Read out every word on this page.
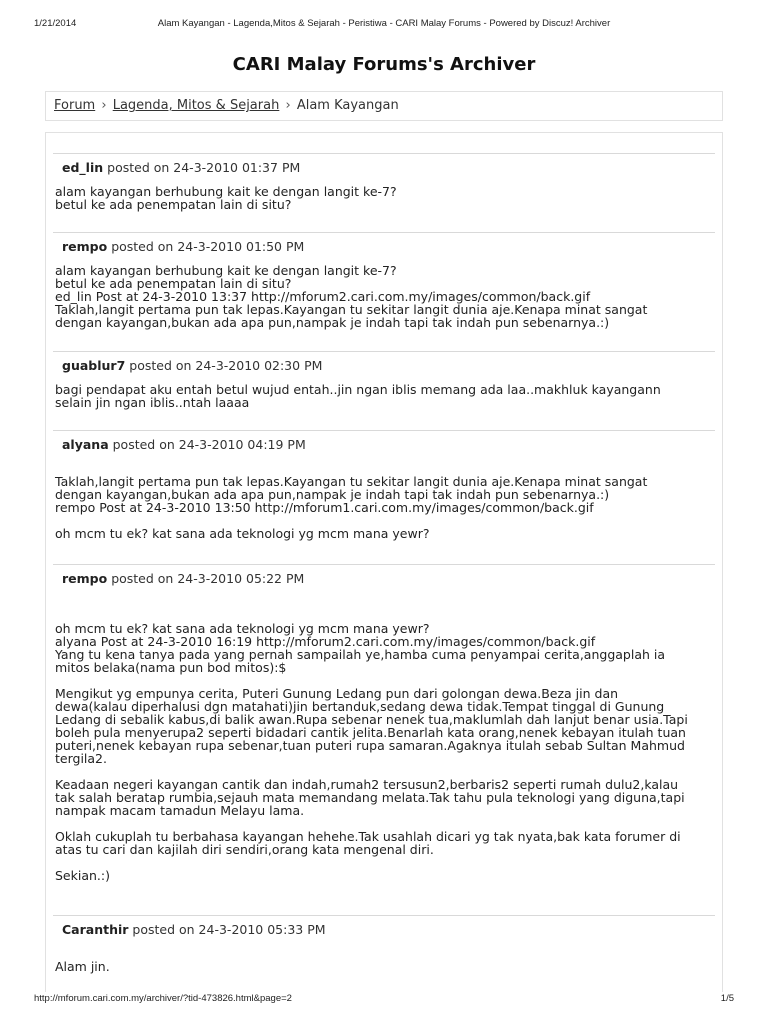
1/21/2014	Alam Kayangan - Lagenda,Mitos & Sejarah - Peristiwa - CARI Malay Forums - Powered by Discuz! Archiver
CARI Malay Forums's Archiver
Forum › Lagenda, Mitos & Sejarah › Alam Kayangan
ed_lin posted on 24-3-2010 01:37 PM
alam kayangan berhubung kait ke dengan langit ke-7?
betul ke ada penempatan lain di situ?
rempo posted on 24-3-2010 01:50 PM
alam kayangan berhubung kait ke dengan langit ke-7?
betul ke ada penempatan lain di situ?
ed_lin Post at 24-3-2010 13:37 http://mforum2.cari.com.my/images/common/back.gif
Taklah,langit pertama pun tak lepas.Kayangan tu sekitar langit dunia aje.Kenapa minat sangat
dengan kayangan,bukan ada apa pun,nampak je indah tapi tak indah pun sebenarnya.:)
guablur7 posted on 24-3-2010 02:30 PM
bagi pendapat aku entah betul wujud entah..jin ngan iblis memang ada laa..makhluk kayangann
selain jin ngan iblis..ntah laaaa
alyana posted on 24-3-2010 04:19 PM
Taklah,langit pertama pun tak lepas.Kayangan tu sekitar langit dunia aje.Kenapa minat sangat
dengan kayangan,bukan ada apa pun,nampak je indah tapi tak indah pun sebenarnya.:)
rempo Post at 24-3-2010 13:50 http://mforum1.cari.com.my/images/common/back.gif
oh mcm tu ek? kat sana ada teknologi yg mcm mana yewr?
rempo posted on 24-3-2010 05:22 PM
oh mcm tu ek? kat sana ada teknologi yg mcm mana yewr?
alyana Post at 24-3-2010 16:19 http://mforum2.cari.com.my/images/common/back.gif
Yang tu kena tanya pada yang pernah sampailah ye,hamba cuma penyampai cerita,anggaplah ia
mitos belaka(nama pun bod mitos):$
Mengikut yg empunya cerita, Puteri Gunung Ledang pun dari golongan dewa.Beza jin dan
dewa(kalau diperhalusi dgn matahati)jin bertanduk,sedang dewa tidak.Tempat tinggal di Gunung
Ledang di sebalik kabus,di balik awan.Rupa sebenar nenek tua,maklumlah dah lanjut benar usia.Tapi
boleh pula menyerupa2 seperti bidadari cantik jelita.Benarlah kata orang,nenek kebayan itulah tuan
puteri,nenek kebayan rupa sebenar,tuan puteri rupa samaran.Agaknya itulah sebab Sultan Mahmud
tergila2.
Keadaan negeri kayangan cantik dan indah,rumah2 tersusun2,berbaris2 seperti rumah dulu2,kalau
tak salah beratap rumbia,sejauh mata memandang melata.Tak tahu pula teknologi yang diguna,tapi
nampak macam tamadun Melayu lama.
Oklah cukuplah tu berbahasa kayangan hehehe.Tak usahlah dicari yg tak nyata,bak kata forumer di
atas tu cari dan kajilah diri sendiri,orang kata mengenal diri.
Sekian.:)
Caranthir posted on 24-3-2010 05:33 PM
Alam jin.
http://mforum.cari.com.my/archiver/?tid-473826.html&page=2	1/5
